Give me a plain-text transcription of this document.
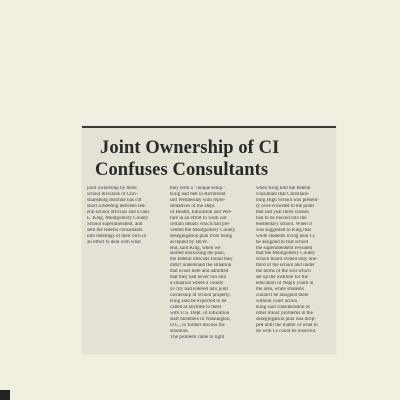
Joint Ownership of CI
Confuses Consultants
joint ownership by three
school divisions of Chri-
stiansburg Institute has cut
short a meeting between fed-
eral school officials and Evans
L. King, Montgomery County
School superintendent, and
sent the federal consultants
into meetings of their own in
an effort to deal with what
they term a "unique setup."
King had met in Richmond
last Wednesday with repre-
sentatives of the Dept.
of Health, Education and Wel-
fare in an effort to work out
certain details which had pre-
vented the Montgomery County
desegregation plan from being
accepted by HEW.
But, said King, when we
started discussing the plan,
the federal officials found they
didn't understand the situation
that exists here and admitted
that they had never run into
a situation where a county
or city had entered into joint
ownership of school property.
King said he expected to be
called at anytime to meet
with U.S. Dept. of Education
staff members in Washington,
D.C., to further discuss the
situation.
The problem came to light
when King told the federal
consultant that Christians-
burg High School was present-
ly over-crowded to the point
that last year three classes
had to be moved into the
elementary school. When it
was suggested to King that
white students living near CI
be assigned to that school
the superintendent revealed
that the Montgomery County
school board owned only one-
third of the school and under
the terms of the will which
set up the institute for the
education of Negro youth in
the area, white students
couldn't be assigned there
without court action.
King said consideration of
other minor problems in the
desegregation plan was drop-
ped until the matter of what to
do with CI could be resolved.
